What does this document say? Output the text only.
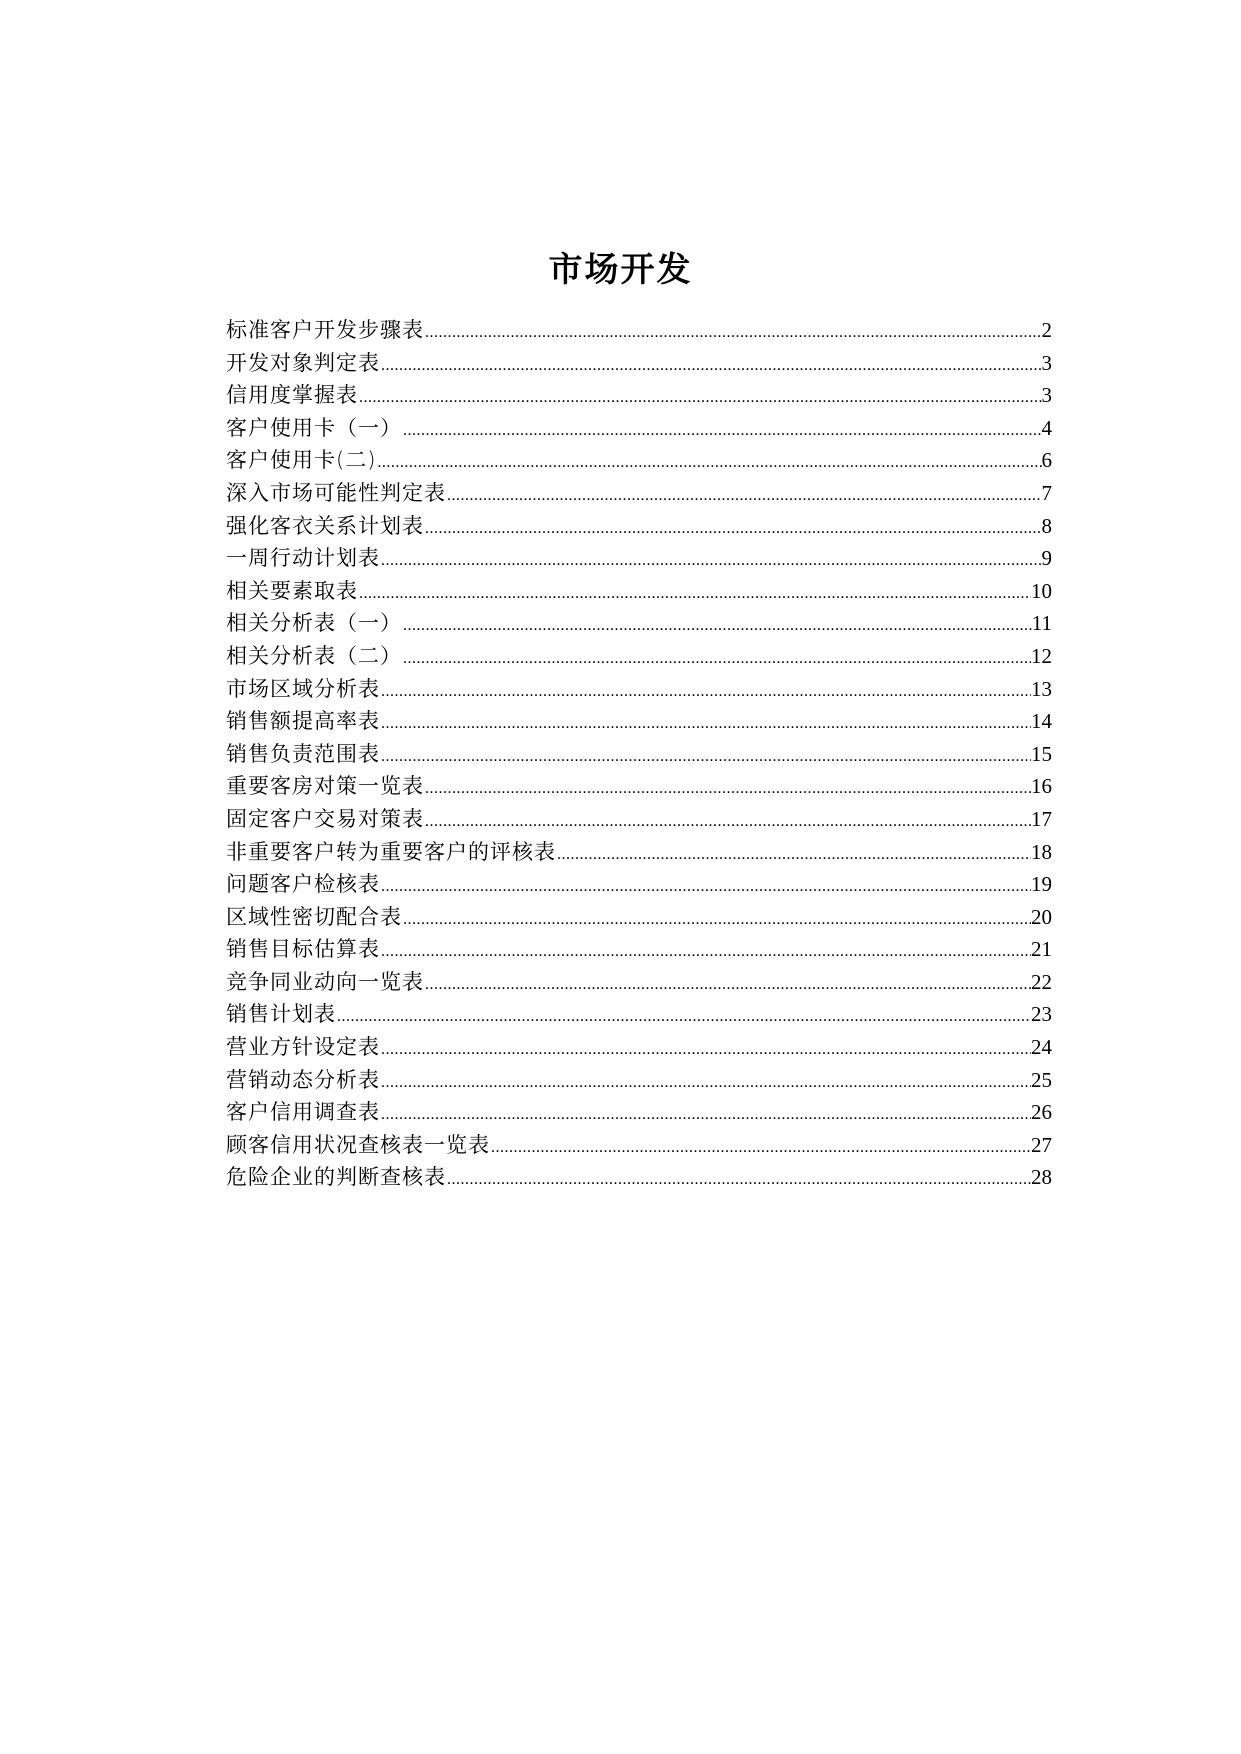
市场开发
标准客户开发步骤表 .....	2
开发对象判定表 .....	3
信用度掌握表 .....	3
客户使用卡（一） .....	4
客户使用卡(二) .....	6
深入市场可能性判定表 .....	7
强化客衣关系计划表 .....	8
一周行动计划表 .....	9
相关要素取表 .....	10
相关分析表（一） .....	11
相关分析表（二） .....	12
市场区域分析表 .....	13
销售额提高率表 .....	14
销售负责范围表 .....	15
重要客房对策一览表 .....	16
固定客户交易对策表 .....	17
非重要客户转为重要客户的评核表 .....	18
问题客户检核表 .....	19
区域性密切配合表 .....	20
销售目标估算表 .....	21
竞争同业动向一览表 .....	22
销售计划表 .....	23
营业方针设定表 .....	24
营销动态分析表 .....	25
客户信用调查表 .....	26
顾客信用状况查核表一览表 .....	27
危险企业的判断查核表 .....	28
